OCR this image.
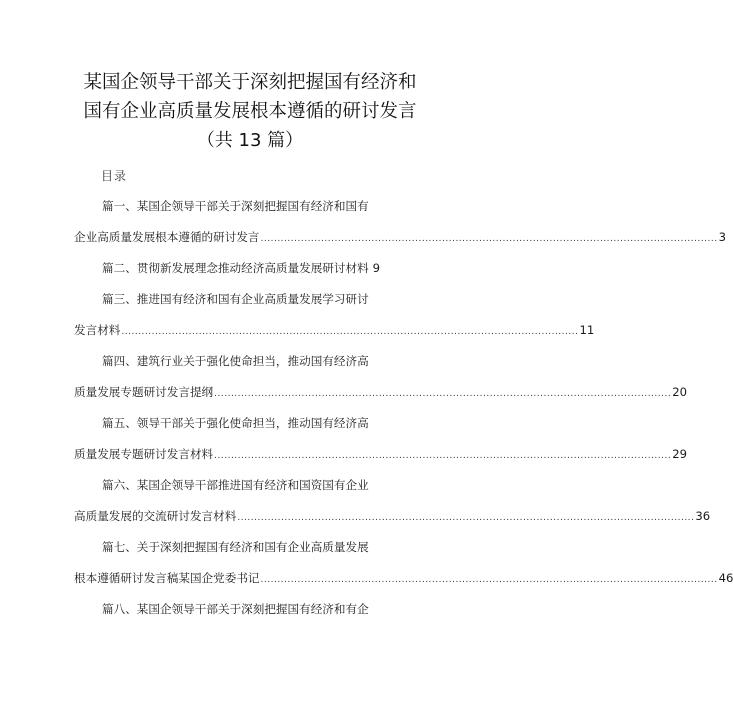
某国企领导干部关于深刻把握国有经济和
国有企业高质量发展根本遵循的研讨发言
（共 13 篇）
目录
篇一、某国企领导干部关于深刻把握国有经济和国有
企业高质量发展根本遵循的研讨发言 ........................................................................................................................................ 3
篇二、贯彻新发展理念推动经济高质量发展研讨材料 9
篇三、推进国有经济和国有企业高质量发展学习研讨
发言材料 ........................................................................................................................................ 11
篇四、建筑行业关于强化使命担当，推动国有经济高
质量发展专题研讨发言提纲 ........................................................................................................................................ 20
篇五、领导干部关于强化使命担当，推动国有经济高
质量发展专题研讨发言材料 ........................................................................................................................................ 29
篇六、某国企领导干部推进国有经济和国资国有企业
高质量发展的交流研讨发言材料 ........................................................................................................................................ 36
篇七、关于深刻把握国有经济和国有企业高质量发展
根本遵循研讨发言稿某国企党委书记 ........................................................................................................................................ 46
篇八、某国企领导干部关于深刻把握国有经济和有企
